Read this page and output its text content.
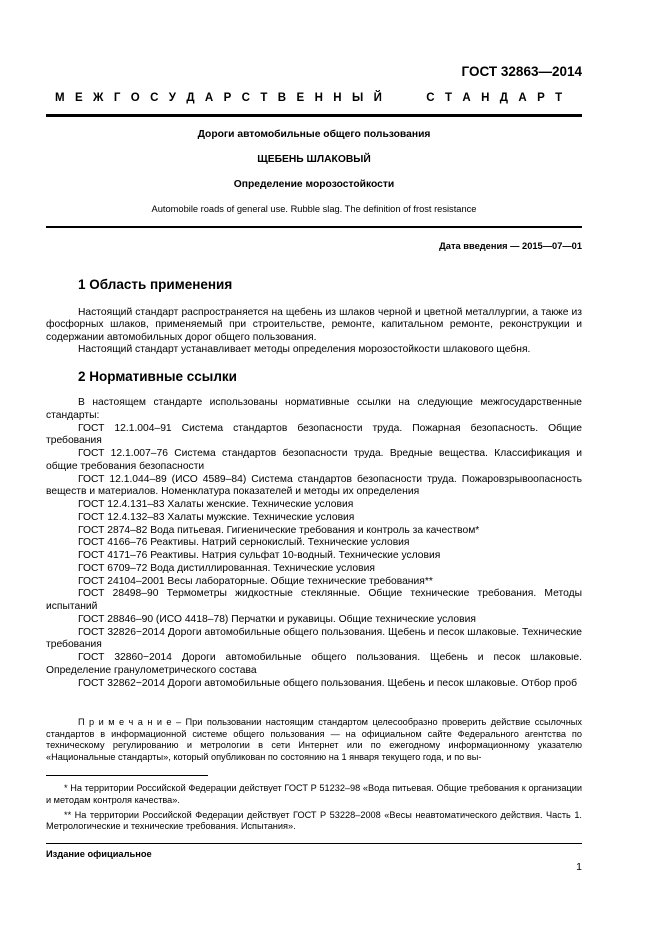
ГОСТ 32863—2014
М Е Ж Г О С У Д А Р С Т В Е Н Н Ы Й      С Т А Н Д А Р Т
Дороги автомобильные общего пользования
ЩЕБЕНЬ ШЛАКОВЫЙ
Определение морозостойкости
Automobile roads of general use. Rubble slag. The definition of frost resistance
Дата введения — 2015—07—01
1 Область применения

Настоящий стандарт распространяется на щебень из шлаков черной и цветной металлургии, а также из фосфорных шлаков, применяемый при строительстве, ремонте, капитальном ремонте, реконструкции и содержании автомобильных дорог общего пользования.

Настоящий стандарт устанавливает методы определения морозостойкости шлакового щебня.

2 Нормативные ссылки

В настоящем стандарте использованы нормативные ссылки на следующие межгосударственные стандарты:

ГОСТ 12.1.004–91 Система стандартов безопасности труда. Пожарная безопасность. Общие требования

ГОСТ 12.1.007–76 Система стандартов безопасности труда. Вредные вещества. Классификация и общие требования безопасности

ГОСТ 12.1.044–89 (ИСО 4589–84) Система стандартов безопасности труда. Пожаровзрывоопасность веществ и материалов. Номенклатура показателей и методы их определения

ГОСТ 12.4.131–83 Халаты женские. Технические условия

ГОСТ 12.4.132–83 Халаты мужские. Технические условия

ГОСТ 2874–82 Вода питьевая. Гигиенические требования и контроль за качеством*

ГОСТ 4166–76 Реактивы. Натрий сернокислый. Технические условия

ГОСТ 4171–76 Реактивы. Натрия сульфат 10-водный. Технические условия

ГОСТ 6709–72 Вода дистиллированная. Технические условия

ГОСТ 24104–2001 Весы лабораторные. Общие технические требования**

ГОСТ 28498–90 Термометры жидкостные стеклянные. Общие технические требования. Методы испытаний

ГОСТ 28846–90 (ИСО 4418–78) Перчатки и рукавицы. Общие технические условия

ГОСТ 32826−2014 Дороги автомобильные общего пользования. Щебень и песок шлаковые. Технические требования

ГОСТ 32860−2014 Дороги автомобильные общего пользования. Щебень и песок шлаковые. Определение гранулометрического состава

ГОСТ 32862−2014 Дороги автомобильные общего пользования. Щебень и песок шлаковые. Отбор проб

П р и м е ч а н и е – При пользовании настоящим стандартом целесообразно проверить действие ссылочных стандартов в информационной системе общего пользования — на официальном сайте Федерального агентства по техническому регулированию и метрологии в сети Интернет или по ежегодному информационному указателю «Национальные стандарты», который опубликован по состоянию на 1 января текущего года, и по вы-

* На территории Российской Федерации действует ГОСТ Р 51232–98 «Вода питьевая. Общие требования к организации и методам контроля качества».

** На территории Российской Федерации действует ГОСТ Р 53228–2008 «Весы неавтоматического действия. Часть 1. Метрологические и технические требования. Испытания».

Издание официальное
1
